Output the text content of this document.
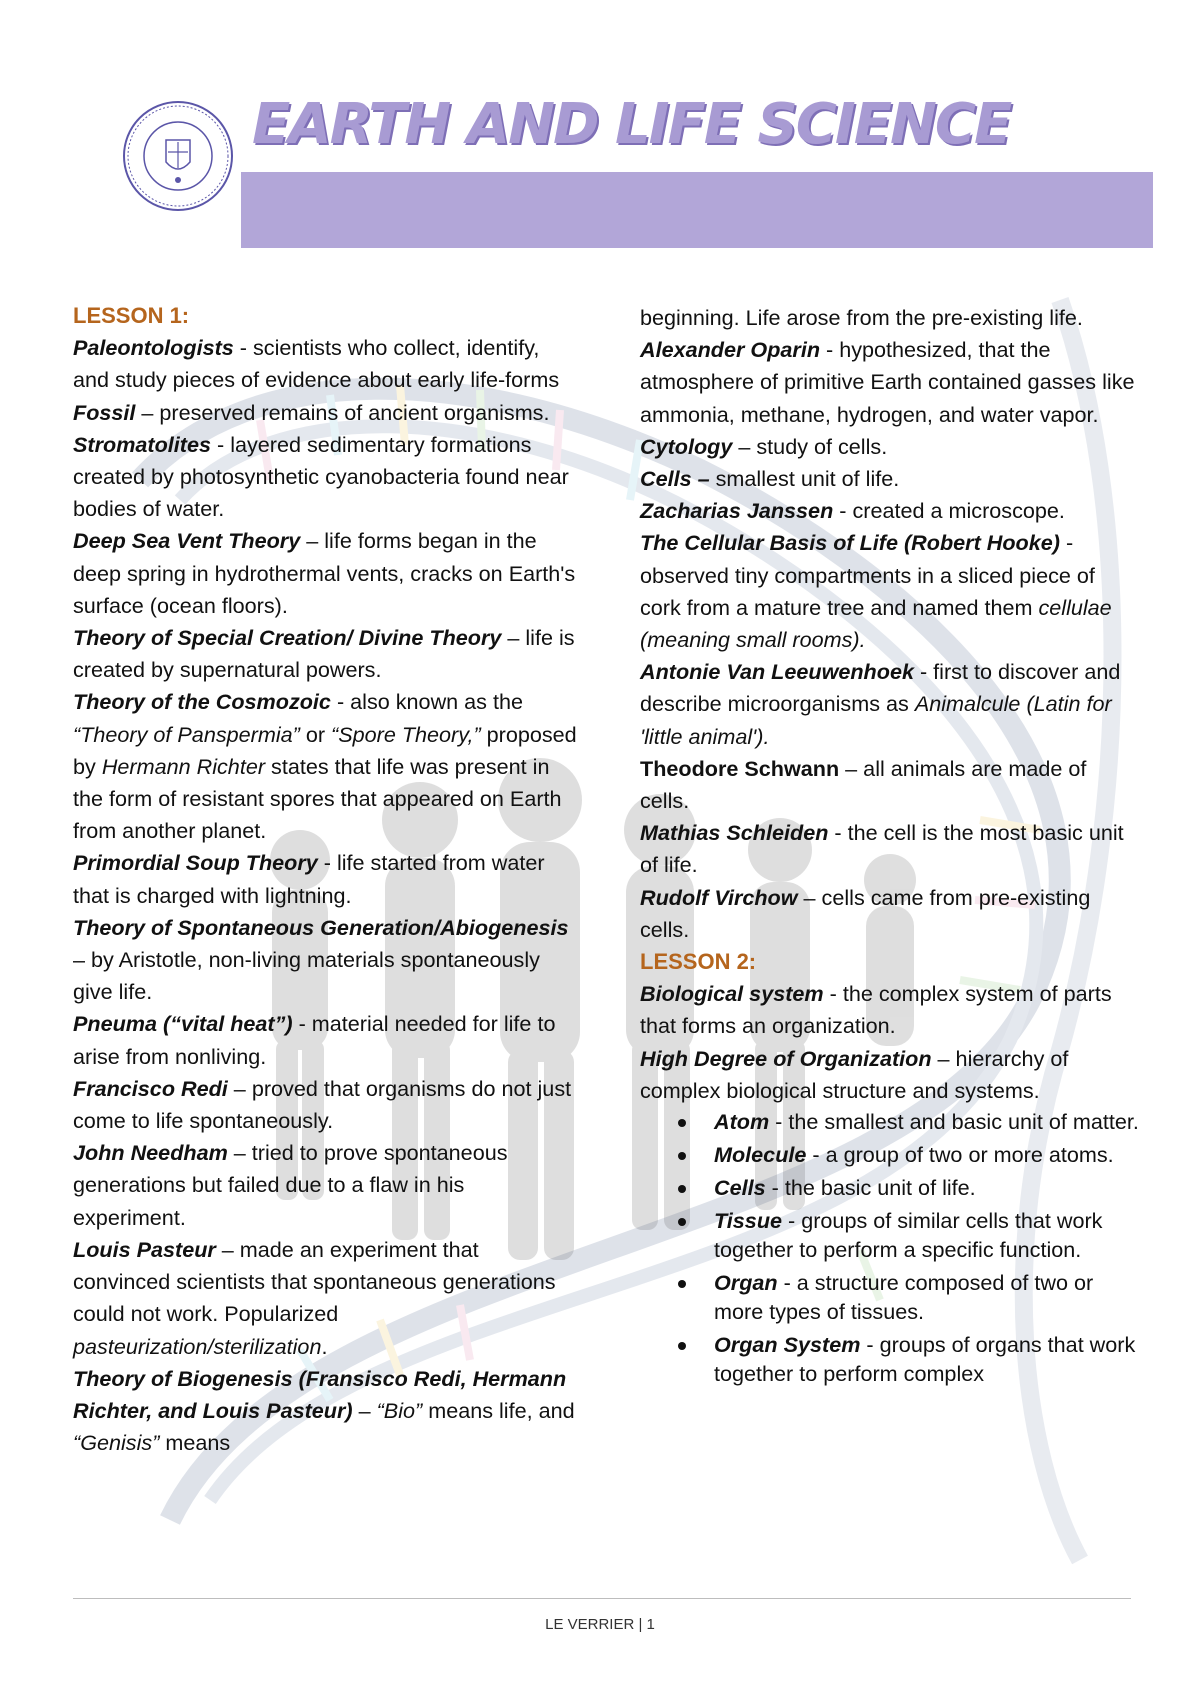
EARTH AND LIFE SCIENCE

LESSON 1:

Paleontologists - scientists who collect, identify, and study pieces of evidence about early life-forms

Fossil – preserved remains of ancient organisms.

Stromatolites - layered sedimentary formations created by photosynthetic cyanobacteria found near bodies of water.

Deep Sea Vent Theory – life forms began in the deep spring in hydrothermal vents, cracks on Earth's surface (ocean floors).

Theory of Special Creation/ Divine Theory – life is created by supernatural powers.

Theory of the Cosmozoic - also known as the “Theory of Panspermia” or “Spore Theory,” proposed by Hermann Richter states that life was present in the form of resistant spores that appeared on Earth from another planet.

Primordial Soup Theory - life started from water that is charged with lightning.

Theory of Spontaneous Generation/Abiogenesis – by Aristotle, non-living materials spontaneously give life.

Pneuma (“vital heat”) - material needed for life to arise from nonliving.

Francisco Redi – proved that organisms do not just come to life spontaneously.

John Needham – tried to prove spontaneous generations but failed due to a flaw in his experiment.

Louis Pasteur – made an experiment that convinced scientists that spontaneous generations could not work. Popularized pasteurization/sterilization.

Theory of Biogenesis (Fransisco Redi, Hermann Richter, and Louis Pasteur) – “Bio” means life, and “Genisis” means

beginning. Life arose from the pre-existing life.

Alexander Oparin - hypothesized, that the atmosphere of primitive Earth contained gasses like ammonia, methane, hydrogen, and water vapor.

Cytology – study of cells.

Cells – smallest unit of life.

Zacharias Janssen - created a microscope.

The Cellular Basis of Life (Robert Hooke) - observed tiny compartments in a sliced piece of cork from a mature tree and named them cellulae (meaning small rooms).

Antonie Van Leeuwenhoek - first to discover and describe microorganisms as Animalcule (Latin for 'little animal').

Theodore Schwann – all animals are made of cells.

Mathias Schleiden - the cell is the most basic unit of life.

Rudolf Virchow – cells came from pre-existing cells.

LESSON 2:

Biological system - the complex system of parts that forms an organization.

High Degree of Organization – hierarchy of complex biological structure and systems.

Atom - the smallest and basic unit of matter.
Molecule - a group of two or more atoms.
Cells - the basic unit of life.
Tissue - groups of similar cells that work together to perform a specific function.
Organ - a structure composed of two or more types of tissues.
Organ System - groups of organs that work together to perform complex
LE VERRIER | 1
